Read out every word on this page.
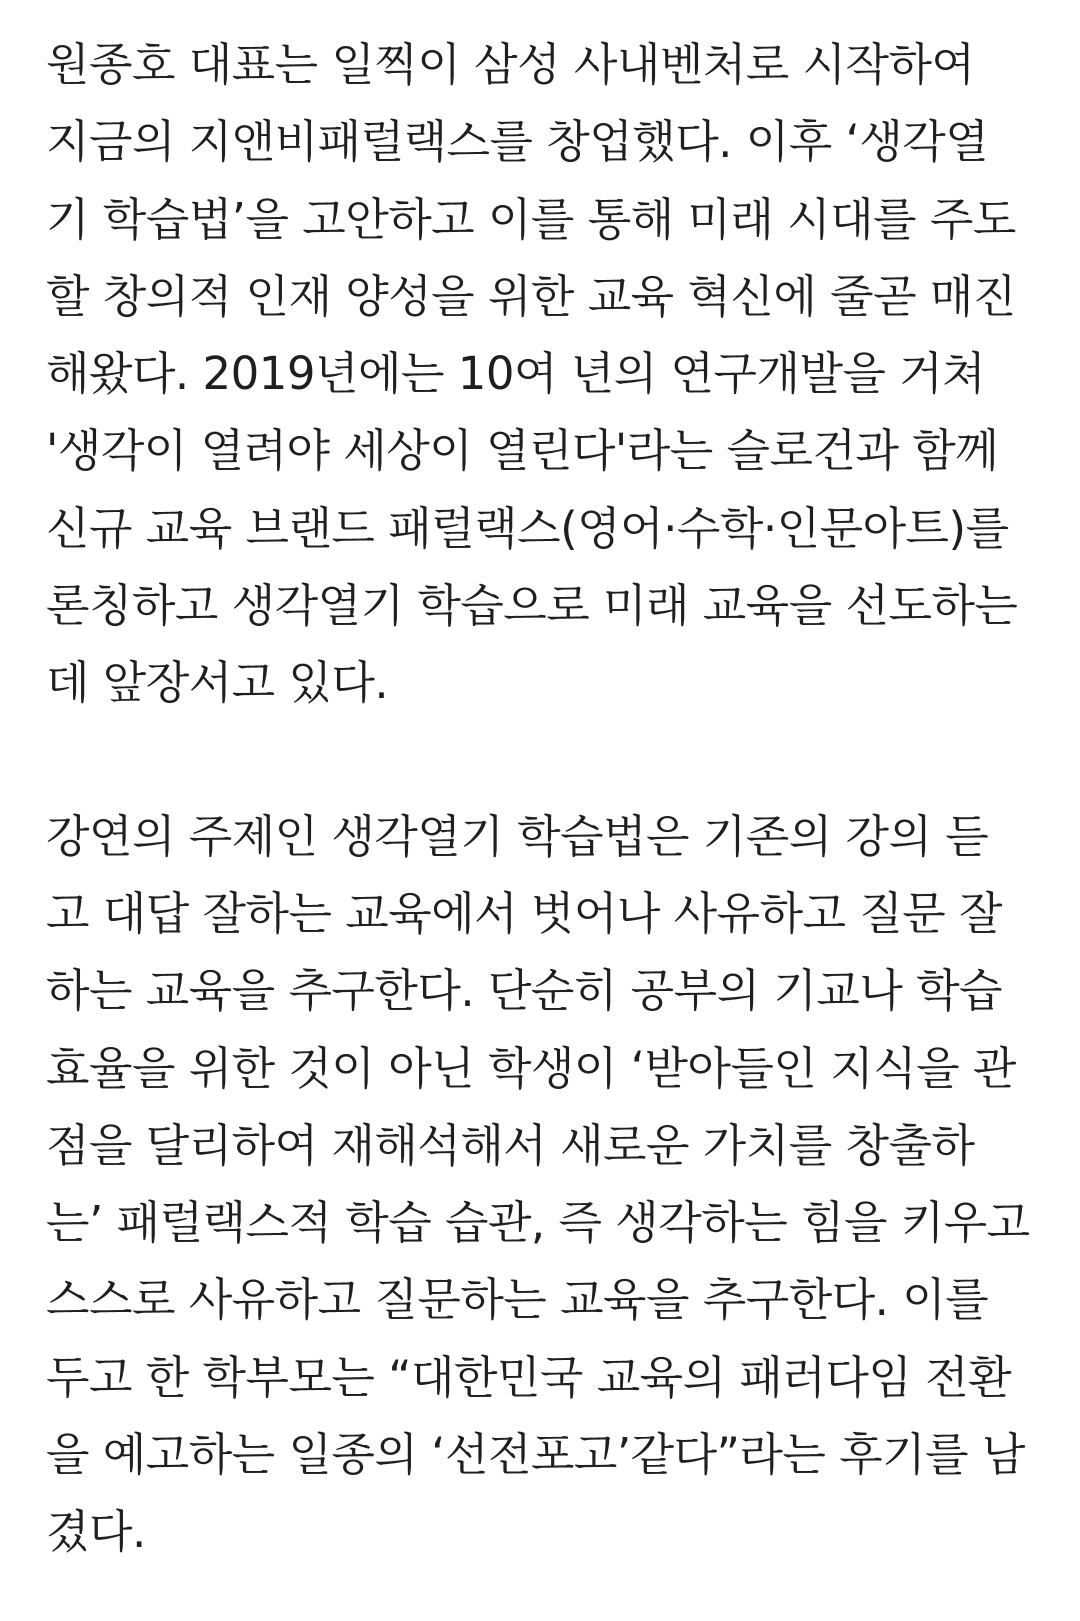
원종호 대표는 일찍이 삼성 사내벤처로 시작하여
지금의 지앤비패럴랙스를 창업했다. 이후 ‘생각열
기 학습법’을 고안하고 이를 통해 미래 시대를 주도
할 창의적 인재 양성을 위한 교육 혁신에 줄곧 매진
해왔다. 2019년에는 10여 년의 연구개발을 거쳐
'생각이 열려야 세상이 열린다'라는 슬로건과 함께
신규 교육 브랜드 패럴랙스(영어·수학·인문아트)를
론칭하고 생각열기 학습으로 미래 교육을 선도하는
데 앞장서고 있다.
강연의 주제인 생각열기 학습법은 기존의 강의 듣
고 대답 잘하는 교육에서 벗어나 사유하고 질문 잘
하는 교육을 추구한다. 단순히 공부의 기교나 학습
효율을 위한 것이 아닌 학생이 ‘받아들인 지식을 관
점을 달리하여 재해석해서 새로운 가치를 창출하
는’ 패럴랙스적 학습 습관, 즉 생각하는 힘을 키우고
스스로 사유하고 질문하는 교육을 추구한다. 이를
두고 한 학부모는 “대한민국 교육의 패러다임 전환
을 예고하는 일종의 ‘선전포고’같다”라는 후기를 남
겼다.
